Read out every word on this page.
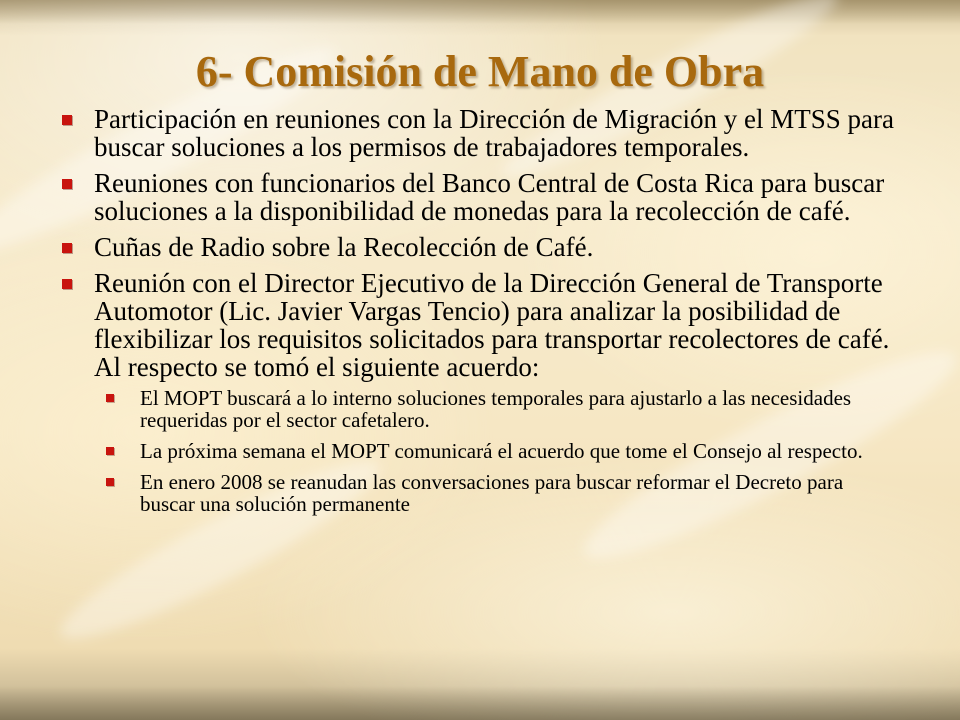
6- Comisión de Mano de Obra
Participación en reuniones con la Dirección de Migración y el MTSS para buscar soluciones a los permisos de trabajadores temporales.
Reuniones con funcionarios del Banco Central de Costa Rica para buscar soluciones a la disponibilidad de monedas para la recolección de café.
Cuñas de Radio sobre la Recolección de Café.
Reunión con el Director Ejecutivo de la Dirección General de Transporte Automotor (Lic. Javier Vargas Tencio) para analizar la posibilidad de flexibilizar los requisitos solicitados para transportar recolectores de café. Al respecto se tomó el siguiente acuerdo:
El MOPT buscará a lo interno soluciones temporales para ajustarlo a las necesidades requeridas por el sector cafetalero.
La próxima semana el MOPT comunicará el acuerdo que tome el Consejo al respecto.
En enero 2008 se reanudan las conversaciones para buscar reformar el Decreto para buscar una solución permanente
